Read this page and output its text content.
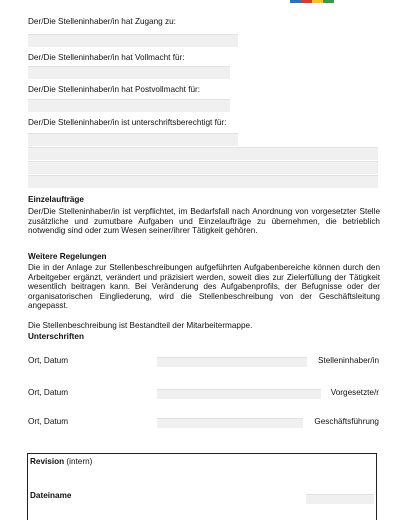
Der/Die Stelleninhaber/in hat Zugang zu:

Der/Die Stelleninhaber/in hat Vollmacht für:

Der/Die Stelleninhaber/in hat Postvollmacht für:

Der/Die Stelleninhaber/in ist unterschriftsberechtigt für:

Einzelaufträge

Der/Die Stelleninhaber/in ist verpflichtet, im Bedarfsfall nach Anordnung von vorgesetzter Stelle zusätzliche und zumutbare Aufgaben und Einzelaufträge zu übernehmen, die betrieblich notwendig sind oder zum Wesen seiner/ihrer Tätigkeit gehören.

Weitere Regelungen

Die in der Anlage zur Stellenbeschreibungen aufgeführten Aufgabenbereiche können durch den Arbeitgeber ergänzt, verändert und präzisiert werden, soweit dies zur Zielerfüllung der Tätigkeit wesentlich beitragen kann. Bei Veränderung des Aufgabenprofils, der Befugnisse oder der organisatorischen Eingliederung, wird die Stellenbeschreibung von der Geschäftsleitung angepasst.

Die Stellenbeschreibung ist Bestandteil der Mitarbeitermappe.

Unterschriften

Ort, Datum	Stelleninhaber/in

Ort, Datum	Vorgesetzte/r

Ort, Datum	Geschäftsführung

Revision (intern)

Dateiname
